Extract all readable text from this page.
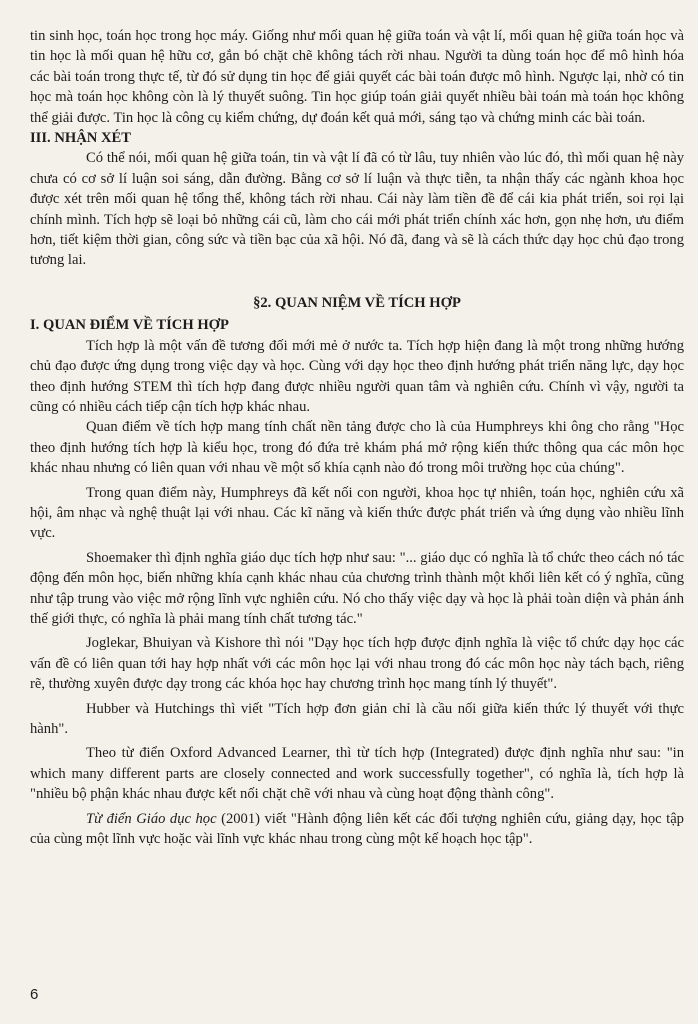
tin sinh học, toán học trong học máy. Giống như mối quan hệ giữa toán và vật lí, mối quan hệ giữa toán học và tin học là mối quan hệ hữu cơ, gắn bó chặt chẽ không tách rời nhau. Người ta dùng toán học để mô hình hóa các bài toán trong thực tế, từ đó sử dụng tin học để giải quyết các bài toán được mô hình. Ngược lại, nhờ có tin học mà toán học không còn là lý thuyết suông. Tin học giúp toán giải quyết nhiều bài toán mà toán học không thể giải được. Tin học là công cụ kiểm chứng, dự đoán kết quả mới, sáng tạo và chứng minh các bài toán.

III. NHẬN XÉT

Có thể nói, mối quan hệ giữa toán, tin và vật lí đã có từ lâu, tuy nhiên vào lúc đó, thì mối quan hệ này chưa có cơ sở lí luận soi sáng, dẫn đường. Bằng cơ sở lí luận và thực tiễn, ta nhận thấy các ngành khoa học được xét trên mối quan hệ tổng thể, không tách rời nhau. Cái này làm tiền đề để cái kia phát triển, soi rọi lại chính mình. Tích hợp sẽ loại bỏ những cái cũ, làm cho cái mới phát triển chính xác hơn, gọn nhẹ hơn, ưu điểm hơn, tiết kiệm thời gian, công sức và tiền bạc của xã hội. Nó đã, đang và sẽ là cách thức dạy học chủ đạo trong tương lai.

§2. QUAN NIỆM VỀ TÍCH HỢP
I. QUAN ĐIỂM VỀ TÍCH HỢP

Tích hợp là một vấn đề tương đối mới mẻ ở nước ta. Tích hợp hiện đang là một trong những hướng chủ đạo được ứng dụng trong việc dạy và học. Cùng với dạy học theo định hướng phát triển năng lực, dạy học theo định hướng STEM thì tích hợp đang được nhiều người quan tâm và nghiên cứu. Chính vì vậy, người ta cũng có nhiều cách tiếp cận tích hợp khác nhau.

Quan điểm về tích hợp mang tính chất nền tảng được cho là của Humphreys khi ông cho rằng "Học theo định hướng tích hợp là kiểu học, trong đó đứa trẻ khám phá mở rộng kiến thức thông qua các môn học khác nhau nhưng có liên quan với nhau về một số khía cạnh nào đó trong môi trường học của chúng".

Trong quan điểm này, Humphreys đã kết nối con người, khoa học tự nhiên, toán học, nghiên cứu xã hội, âm nhạc và nghệ thuật lại với nhau. Các kĩ năng và kiến thức được phát triển và ứng dụng vào nhiều lĩnh vực.

Shoemaker thì định nghĩa giáo dục tích hợp như sau: "... giáo dục có nghĩa là tổ chức theo cách nó tác động đến môn học, biến những khía cạnh khác nhau của chương trình thành một khối liên kết có ý nghĩa, cũng như tập trung vào việc mở rộng lĩnh vực nghiên cứu. Nó cho thấy việc dạy và học là phải toàn diện và phản ánh thế giới thực, có nghĩa là phải mang tính chất tương tác."

Joglekar, Bhuiyan và Kishore thì nói "Dạy học tích hợp được định nghĩa là việc tổ chức dạy học các vấn đề có liên quan tới hay hợp nhất với các môn học lại với nhau trong đó các môn học này tách bạch, riêng rẽ, thường xuyên được dạy trong các khóa học hay chương trình học mang tính lý thuyết".

Hubber và Hutchings thì viết "Tích hợp đơn giản chỉ là cầu nối giữa kiến thức lý thuyết với thực hành".

Theo từ điển Oxford Advanced Learner, thì từ tích hợp (Integrated) được định nghĩa như sau: "in which many different parts are closely connected and work successfully together", có nghĩa là, tích hợp là "nhiều bộ phận khác nhau được kết nối chặt chẽ với nhau và cùng hoạt động thành công".

Từ điển Giáo dục học (2001) viết "Hành động liên kết các đối tượng nghiên cứu, giảng dạy, học tập của cùng một lĩnh vực hoặc vài lĩnh vực khác nhau trong cùng một kế hoạch học tập".

6
